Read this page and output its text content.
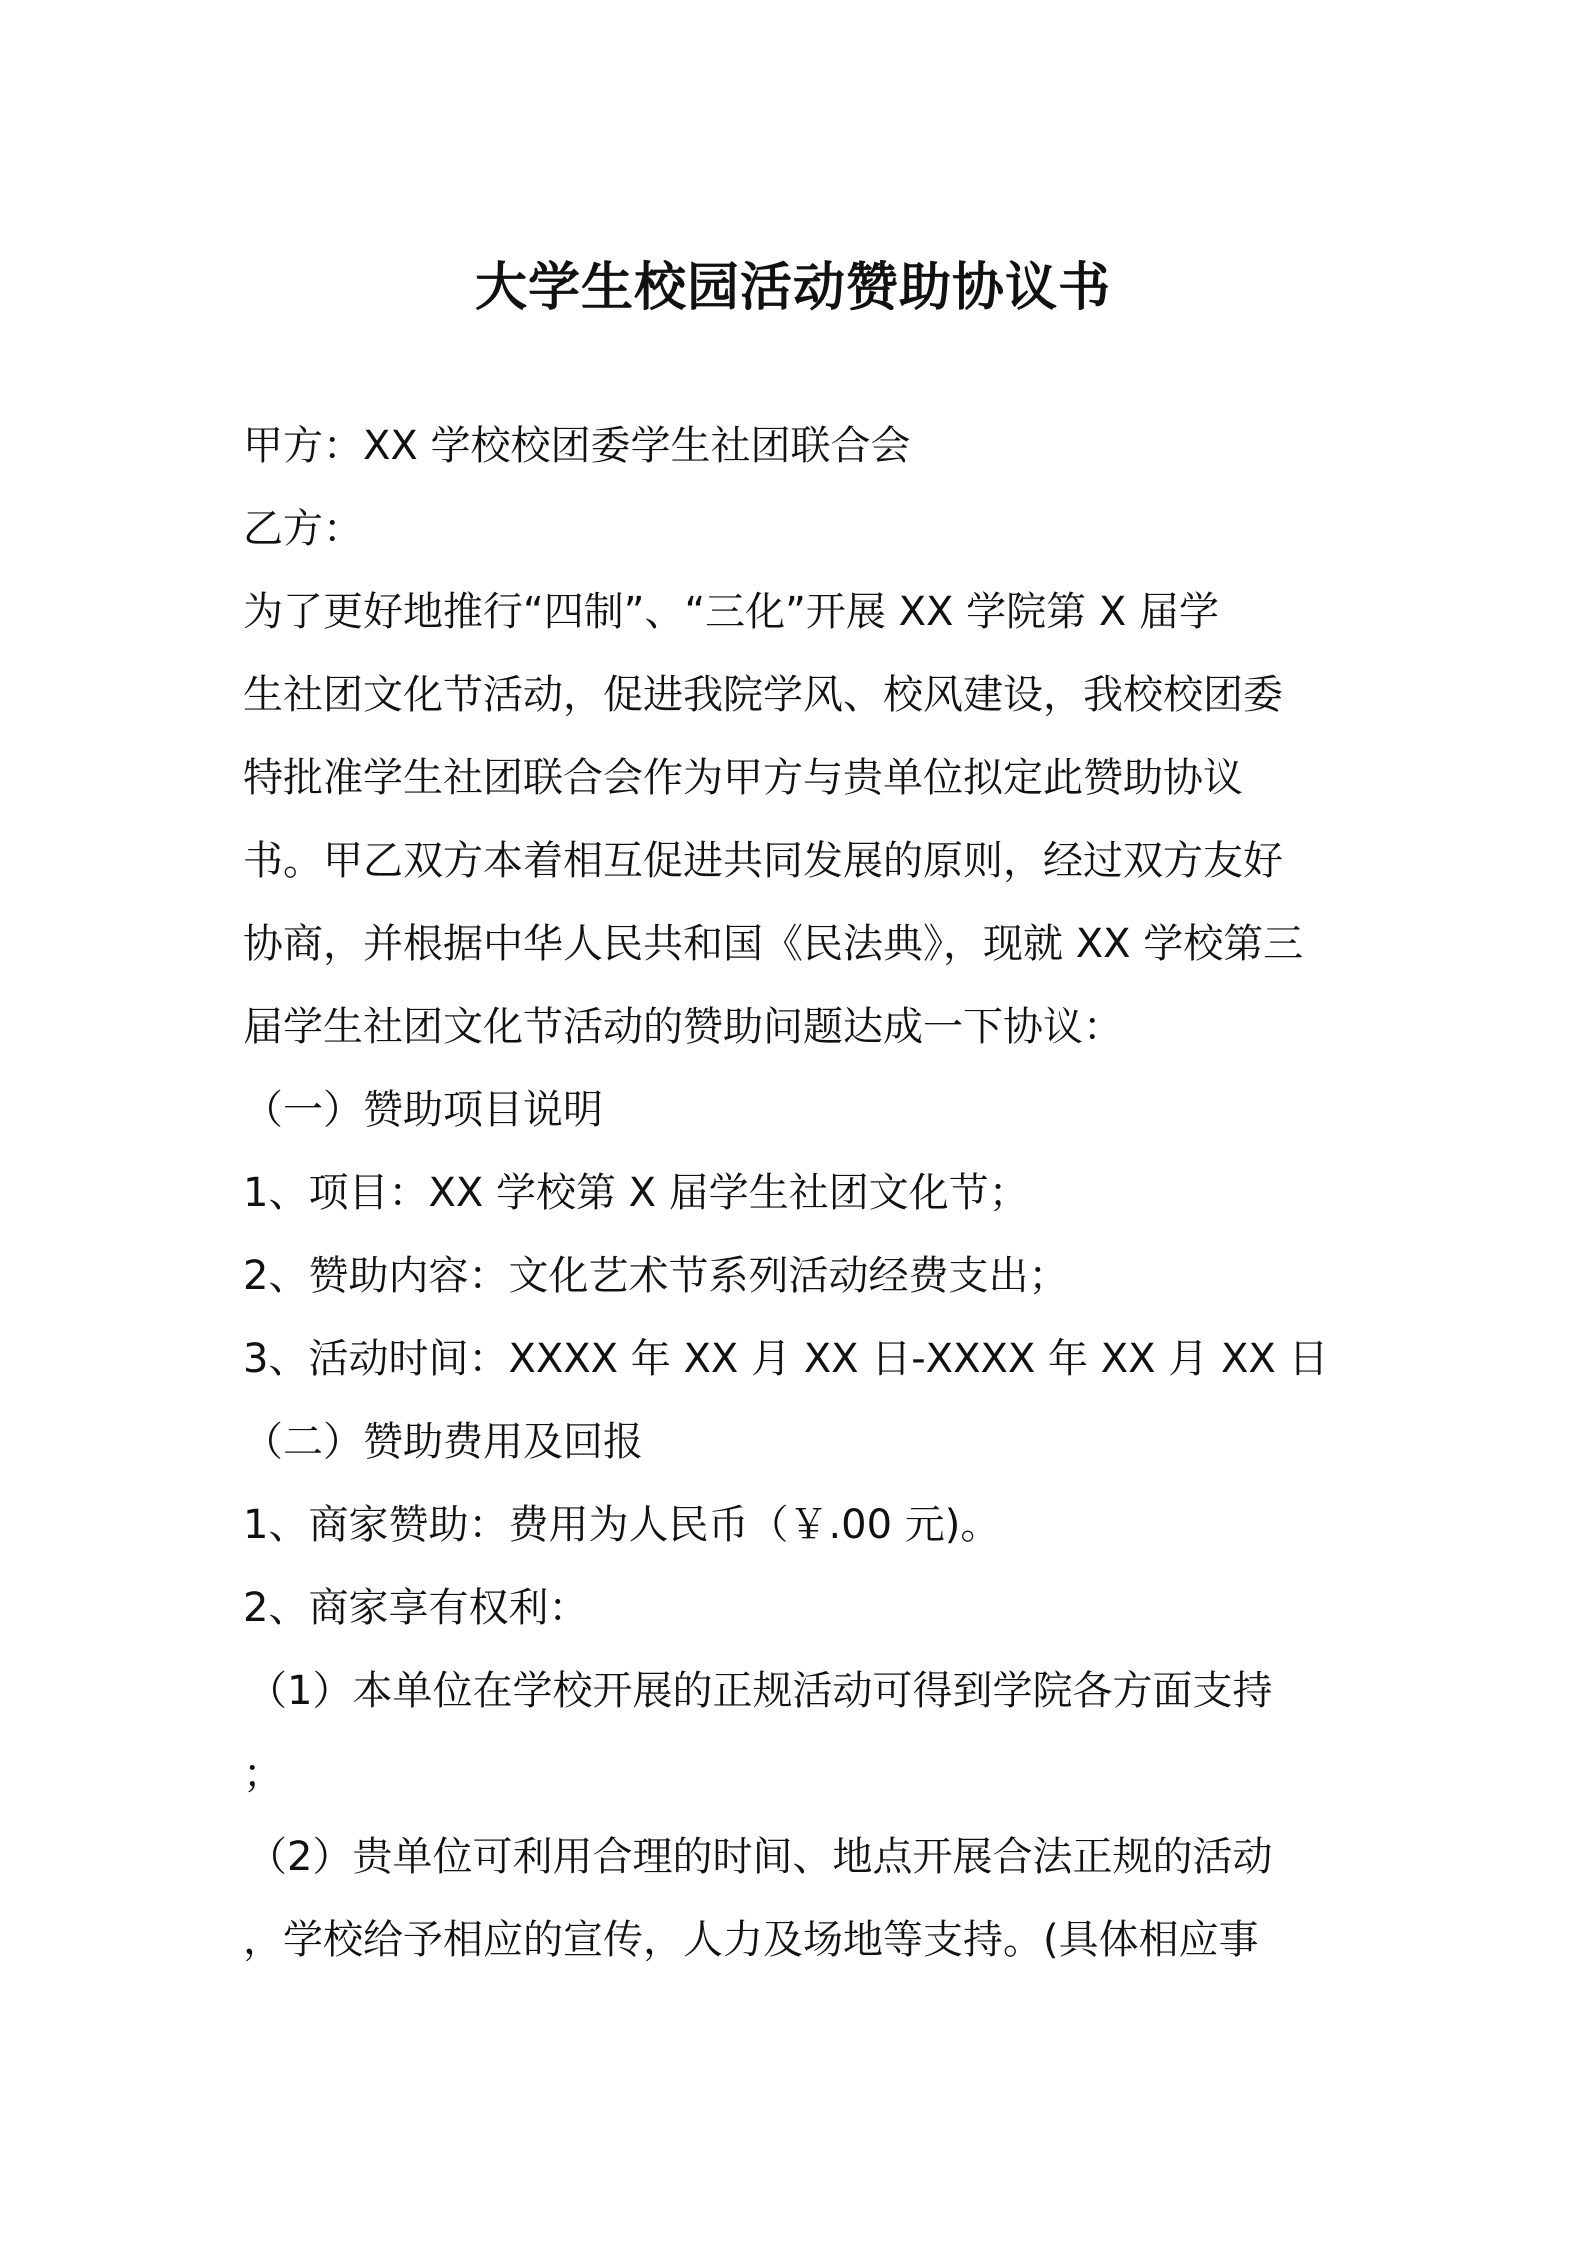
大学生校园活动赞助协议书
甲方：XX 学校校团委学生社团联合会
乙方：
为了更好地推行“四制”、“三化”开展 XX 学院第 X 届学
生社团文化节活动，促进我院学风、校风建设，我校校团委
特批准学生社团联合会作为甲方与贵单位拟定此赞助协议
书。甲乙双方本着相互促进共同发展的原则，经过双方友好
协商，并根据中华人民共和国《民法典》，现就 XX 学校第三
届学生社团文化节活动的赞助问题达成一下协议：
（一）赞助项目说明
1、项目：XX 学校第 X 届学生社团文化节；
2、赞助内容：文化艺术节系列活动经费支出；
3、活动时间：XXXX 年 XX 月 XX 日-XXXX 年 XX 月 XX 日
（二）赞助费用及回报
1、商家赞助：费用为人民币（￥.00 元)。
2、商家享有权利：
（1）本单位在学校开展的正规活动可得到学院各方面支持
；
（2）贵单位可利用合理的时间、地点开展合法正规的活动
，学校给予相应的宣传，人力及场地等支持。(具体相应事
